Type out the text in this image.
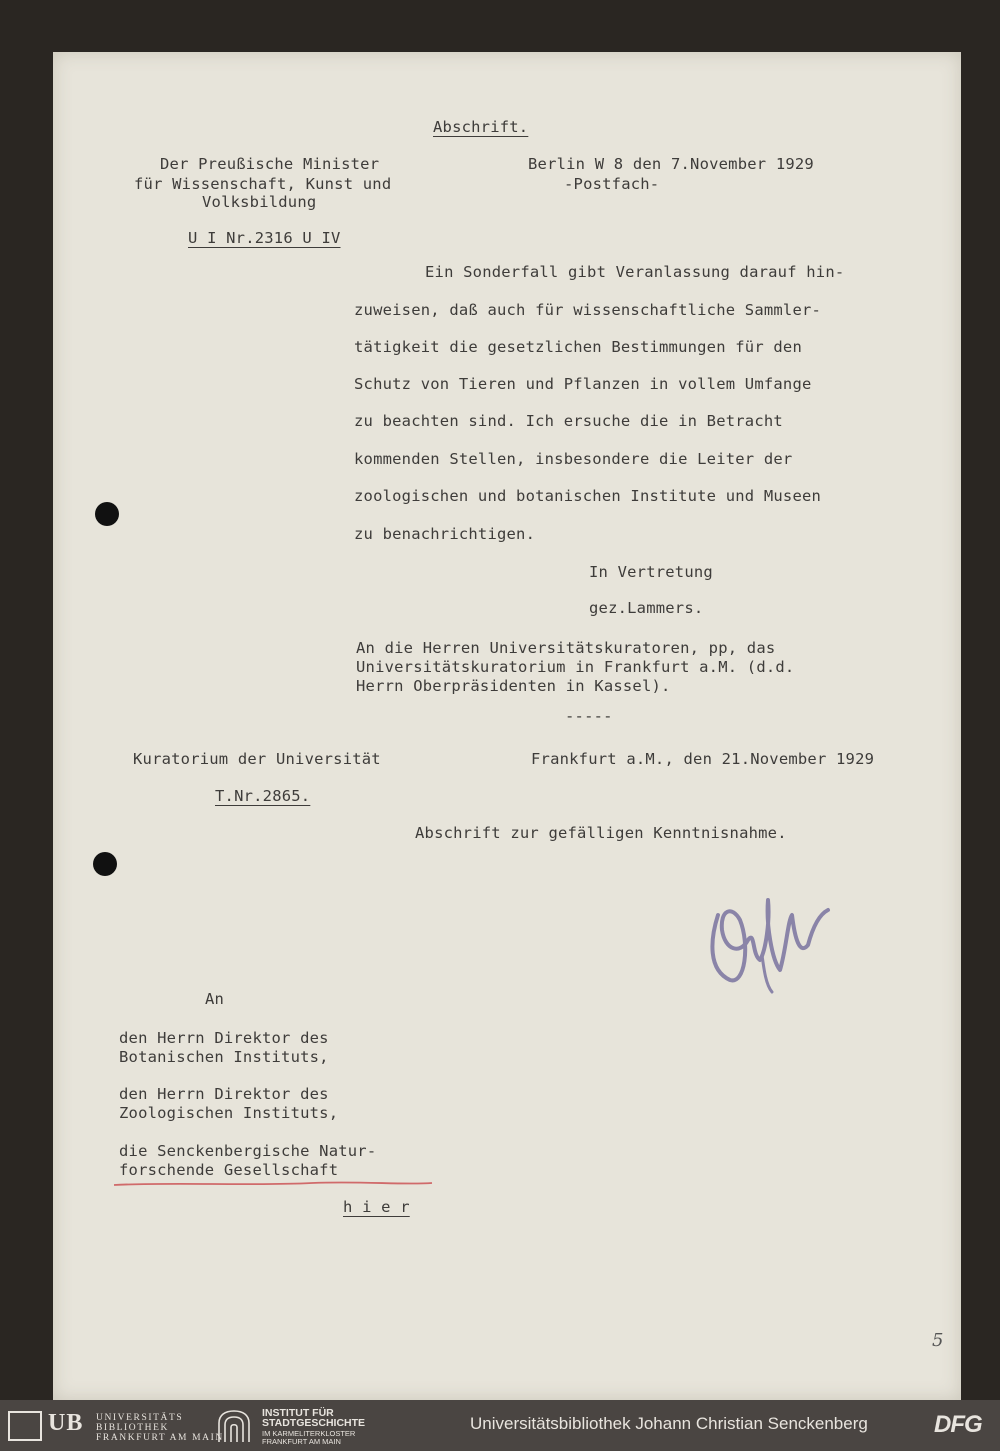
Abschrift.
Der Preußische Minister
für Wissenschaft, Kunst und
Volksbildung
Berlin W 8 den 7.November 1929
-Postfach-
U I Nr.2316 U IV
Ein Sonderfall gibt Veranlassung darauf hin-
zuweisen, daß auch für wissenschaftliche Sammler-
tätigkeit die gesetzlichen Bestimmungen für den
Schutz von Tieren und Pflanzen in vollem Umfange
zu beachten sind. Ich ersuche die in Betracht
kommenden Stellen, insbesondere die Leiter der
zoologischen und botanischen Institute und Museen
zu benachrichtigen.
In Vertretung
gez.Lammers.
An die Herren Universitätskuratoren, pp, das
Universitätskuratorium in Frankfurt a.M. (d.d.
Herrn Oberpräsidenten in Kassel).
-----
Kuratorium der Universität	Frankfurt a.M., den 21.November 1929
T.Nr.2865.
Abschrift zur gefälligen Kenntnisnahme.
An
den Herrn Direktor des
Botanischen Instituts,
den Herrn Direktor des
Zoologischen Instituts,
die Senckenbergische Natur-
forschende Gesellschaft
h i e r
5
UB UNIVERSITÄTS
BIBLIOTHEK
FRANKFURT AM MAIN
INSTITUT FÜR
STADTGESCHICHTE
IM KARMELITERKLOSTER
FRANKFURT AM MAIN
Universitätsbibliothek Johann Christian Senckenberg	DFG
